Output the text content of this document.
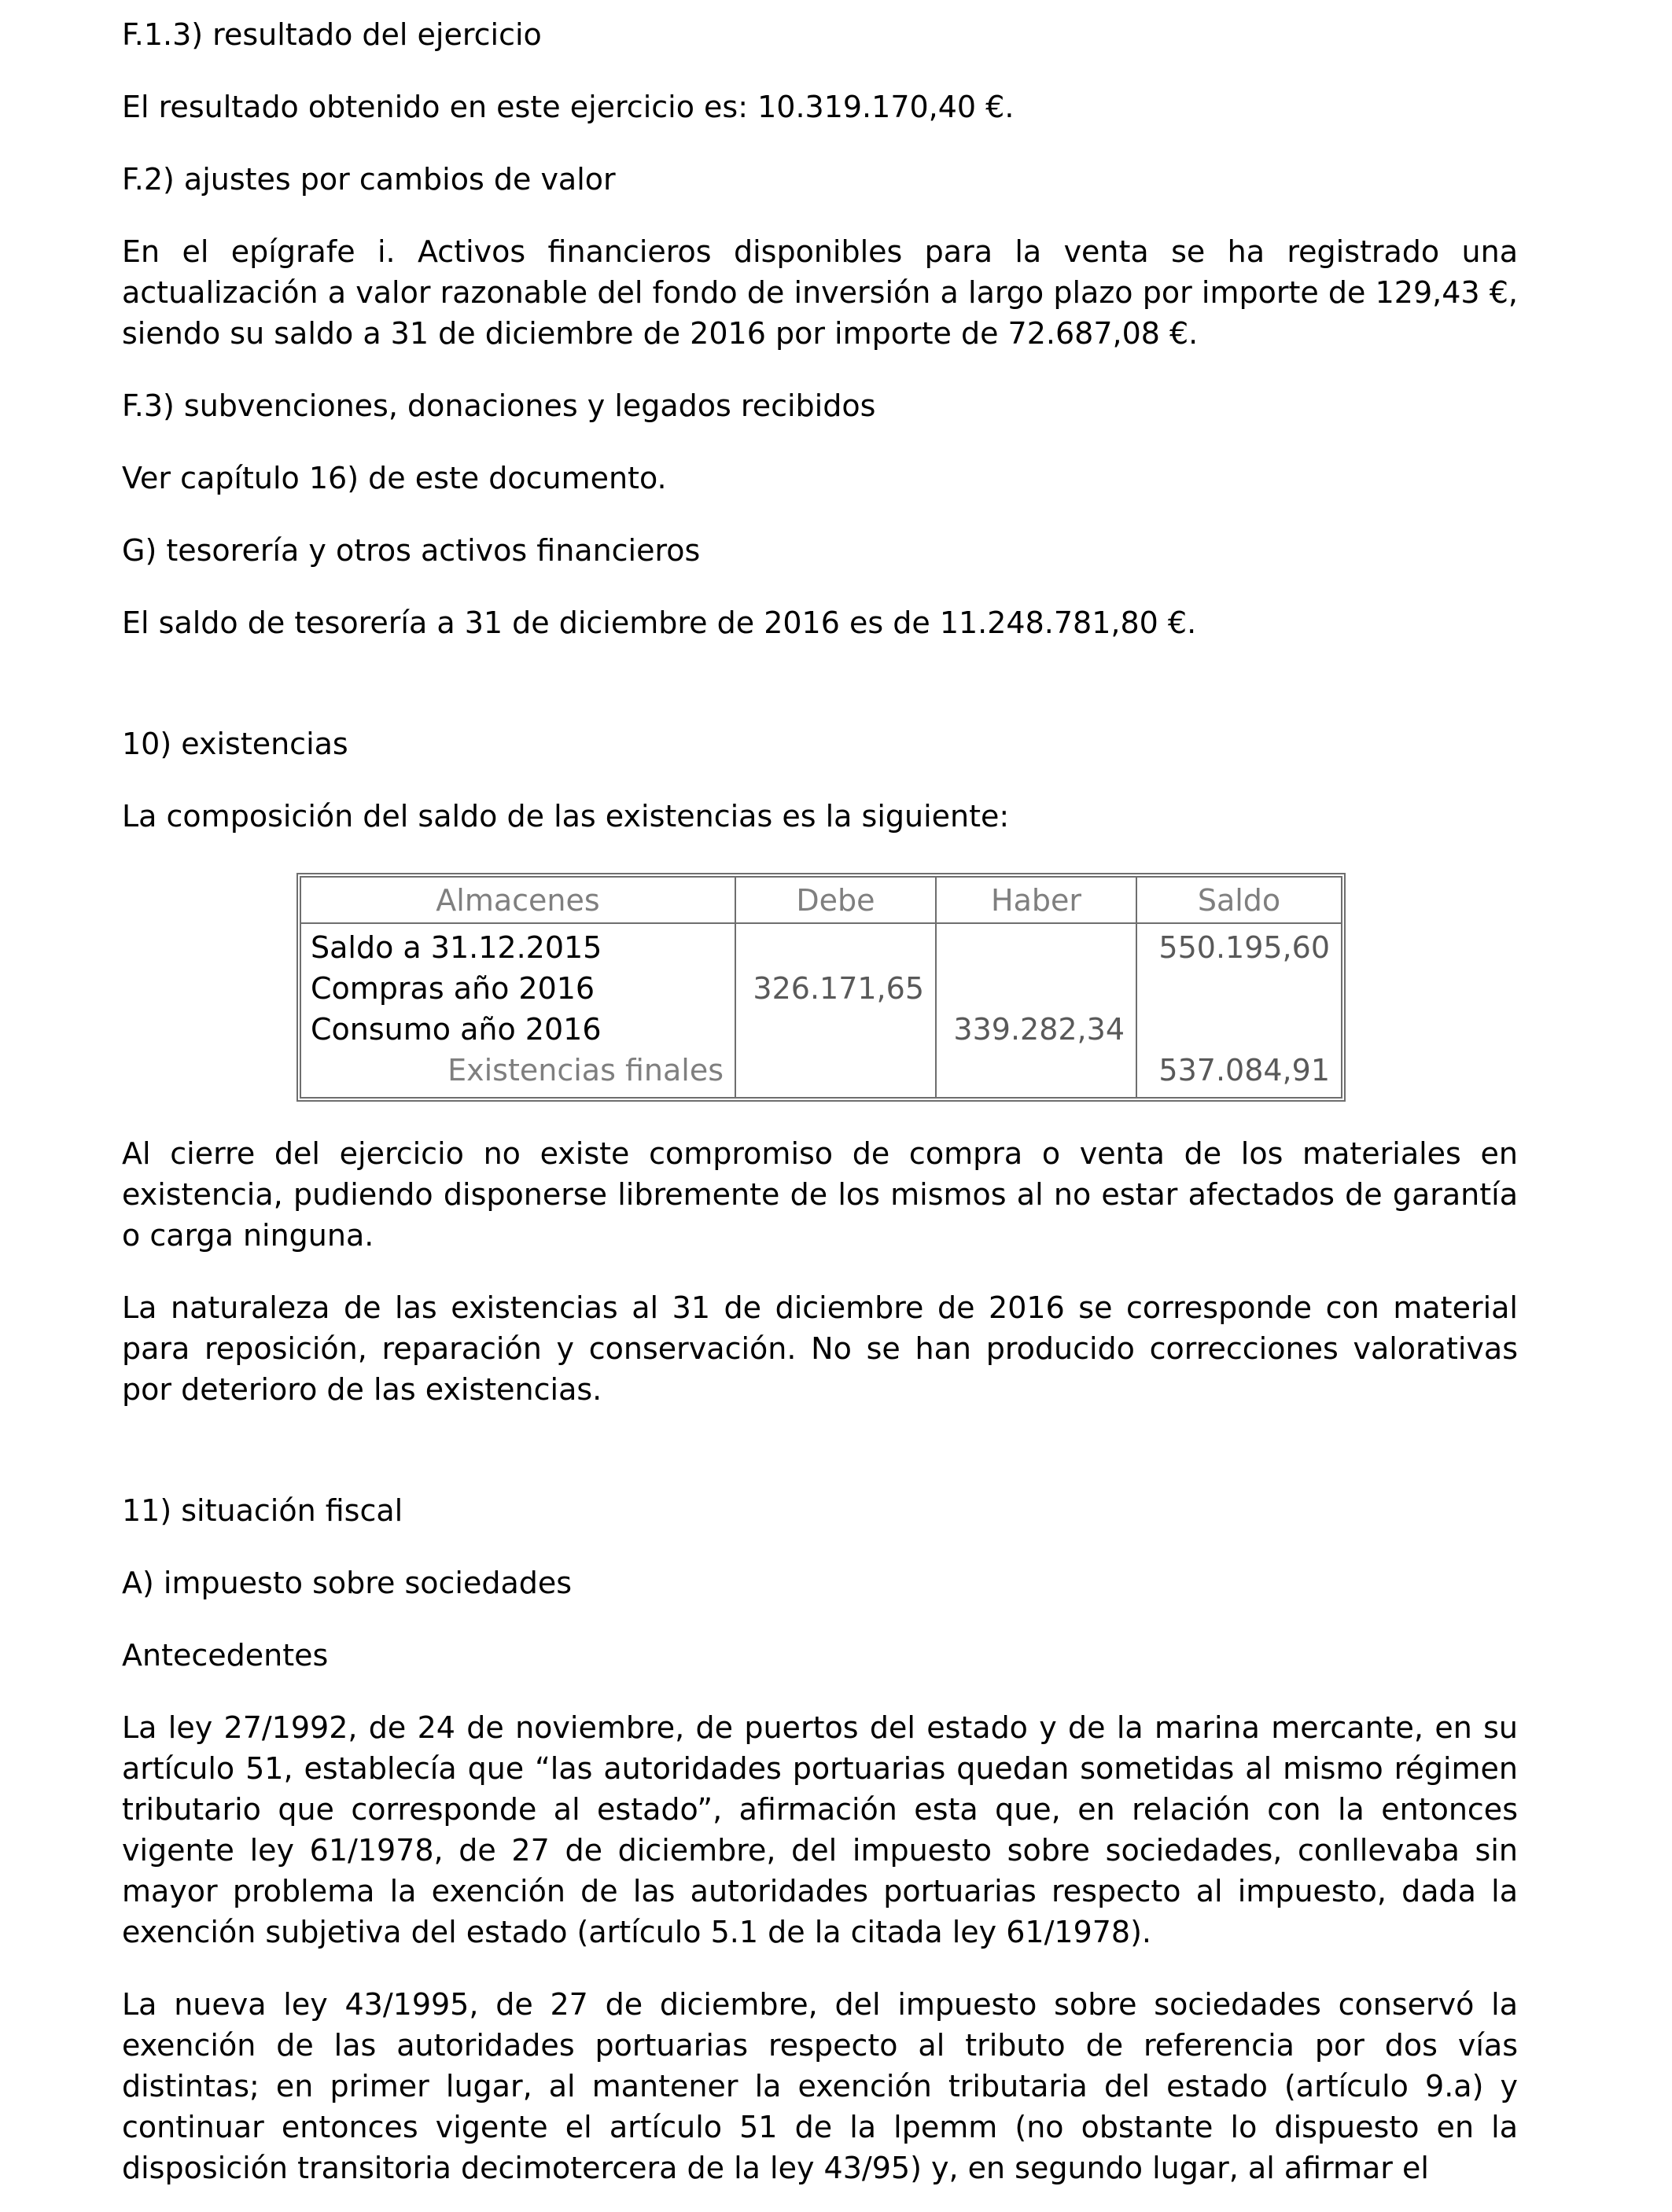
F.1.3) resultado del ejercicio

El resultado obtenido en este ejercicio es: 10.319.170,40 €.

F.2) ajustes por cambios de valor

En el epígrafe i. Activos financieros disponibles para la venta se ha registrado una actualización a valor razonable del fondo de inversión a largo plazo por importe de 129,43 €, siendo su saldo a 31 de diciembre de 2016 por importe de 72.687,08 €.

F.3) subvenciones, donaciones y legados recibidos

Ver capítulo 16) de este documento.

G) tesorería y otros activos financieros

El saldo de tesorería a 31 de diciembre de 2016 es de 11.248.781,80 €.

10) existencias

La composición del saldo de las existencias es la siguiente:

Almacenes	Debe	Haber	Saldo
Saldo a 31.12.2015			550.195,60
Compras año 2016	326.171,65		
Consumo año 2016		339.282,34	
Existencias finales			537.084,91

Al cierre del ejercicio no existe compromiso de compra o venta de los materiales en existencia, pudiendo disponerse libremente de los mismos al no estar afectados de garantía o carga ninguna.

La naturaleza de las existencias al 31 de diciembre de 2016 se corresponde con material para reposición, reparación y conservación. No se han producido correcciones valorativas por deterioro de las existencias.

11) situación fiscal

A) impuesto sobre sociedades

Antecedentes

La ley 27/1992, de 24 de noviembre, de puertos del estado y de la marina mercante, en su artículo 51, establecía que “las autoridades portuarias quedan sometidas al mismo régimen tributario que corresponde al estado”, afirmación esta que, en relación con la entonces vigente ley 61/1978, de 27 de diciembre, del impuesto sobre sociedades, conllevaba sin mayor problema la exención de las autoridades portuarias respecto al impuesto, dada la exención subjetiva del estado (artículo 5.1 de la citada ley 61/1978).

La nueva ley 43/1995, de 27 de diciembre, del impuesto sobre sociedades conservó la exención de las autoridades portuarias respecto al tributo de referencia por dos vías distintas; en primer lugar, al mantener la exención tributaria del estado (artículo 9.a) y continuar entonces vigente el artículo 51 de la lpemm (no obstante lo dispuesto en la disposición transitoria decimotercera de la ley 43/95) y, en segundo lugar, al afirmar el
